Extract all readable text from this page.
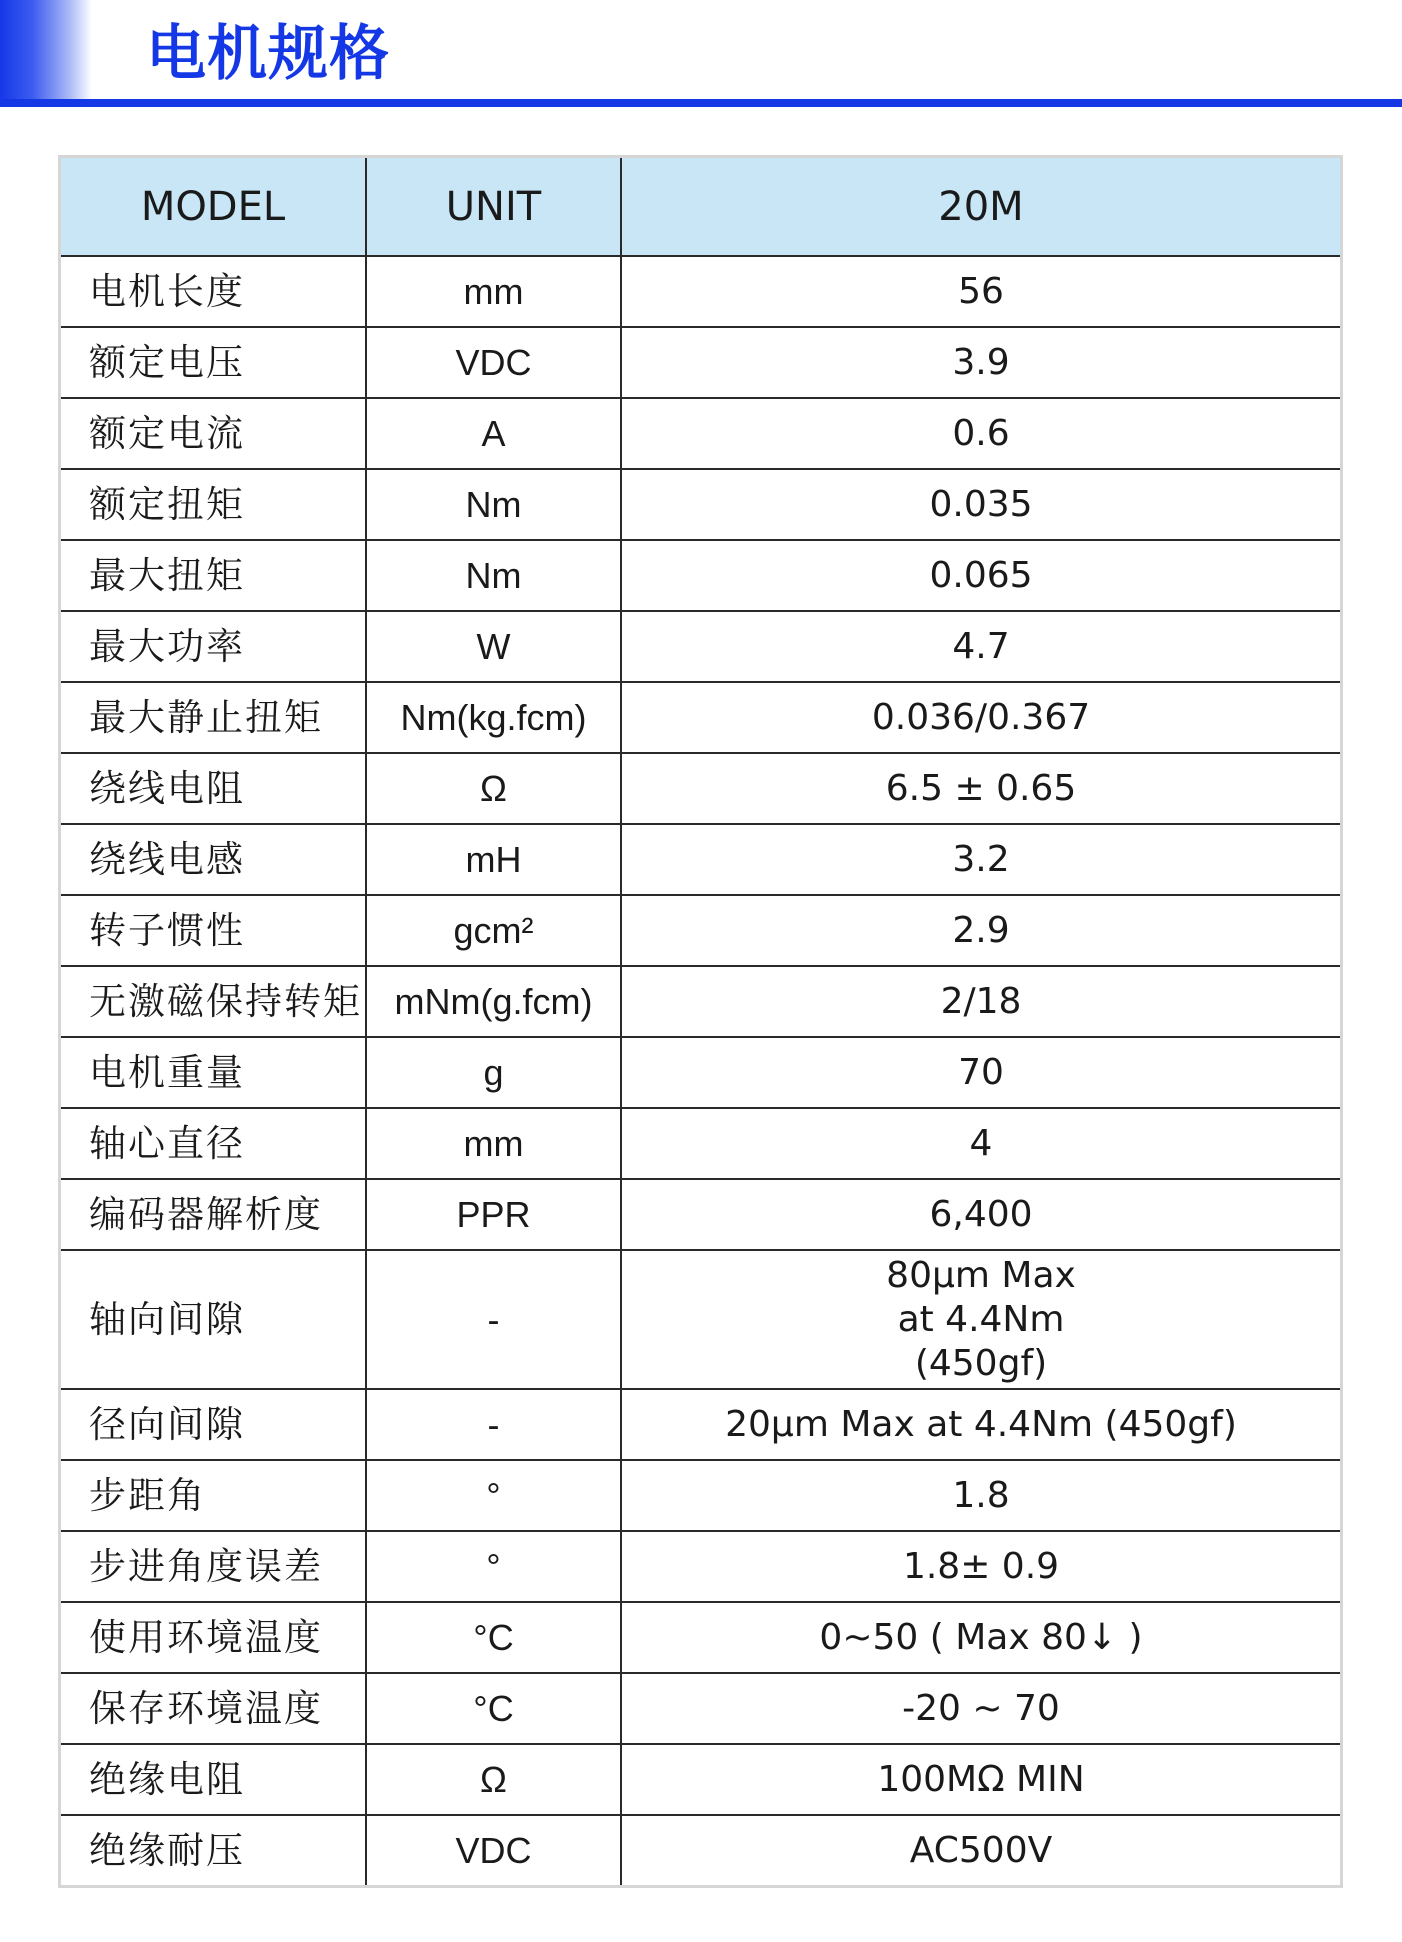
电机规格
MODEL	UNIT	20M
电机长度	mm	56
额定电压	VDC	3.9
额定电流	A	0.6
额定扭矩	Nm	0.035
最大扭矩	Nm	0.065
最大功率	W	4.7
最大静止扭矩	Nm(kg.fcm)	0.036/0.367
绕线电阻	Ω	6.5 ± 0.65
绕线电感	mH	3.2
转子惯性	gcm²	2.9
无激磁保持转矩	mNm(g.fcm)	2/18
电机重量	g	70
轴心直径	mm	4
编码器解析度	PPR	6,400
轴向间隙	-	80μm Max
at 4.4Nm
(450gf)

径向间隙	-	20μm Max at 4.4Nm (450gf)
步距角	°	1.8
步进角度误差	°	1.8± 0.9
使用环境温度	°C	0~50 ( Max 80↓ )
保存环境温度	°C	-20 ~ 70
绝缘电阻	Ω	100MΩ MIN
绝缘耐压	VDC	AC500V
